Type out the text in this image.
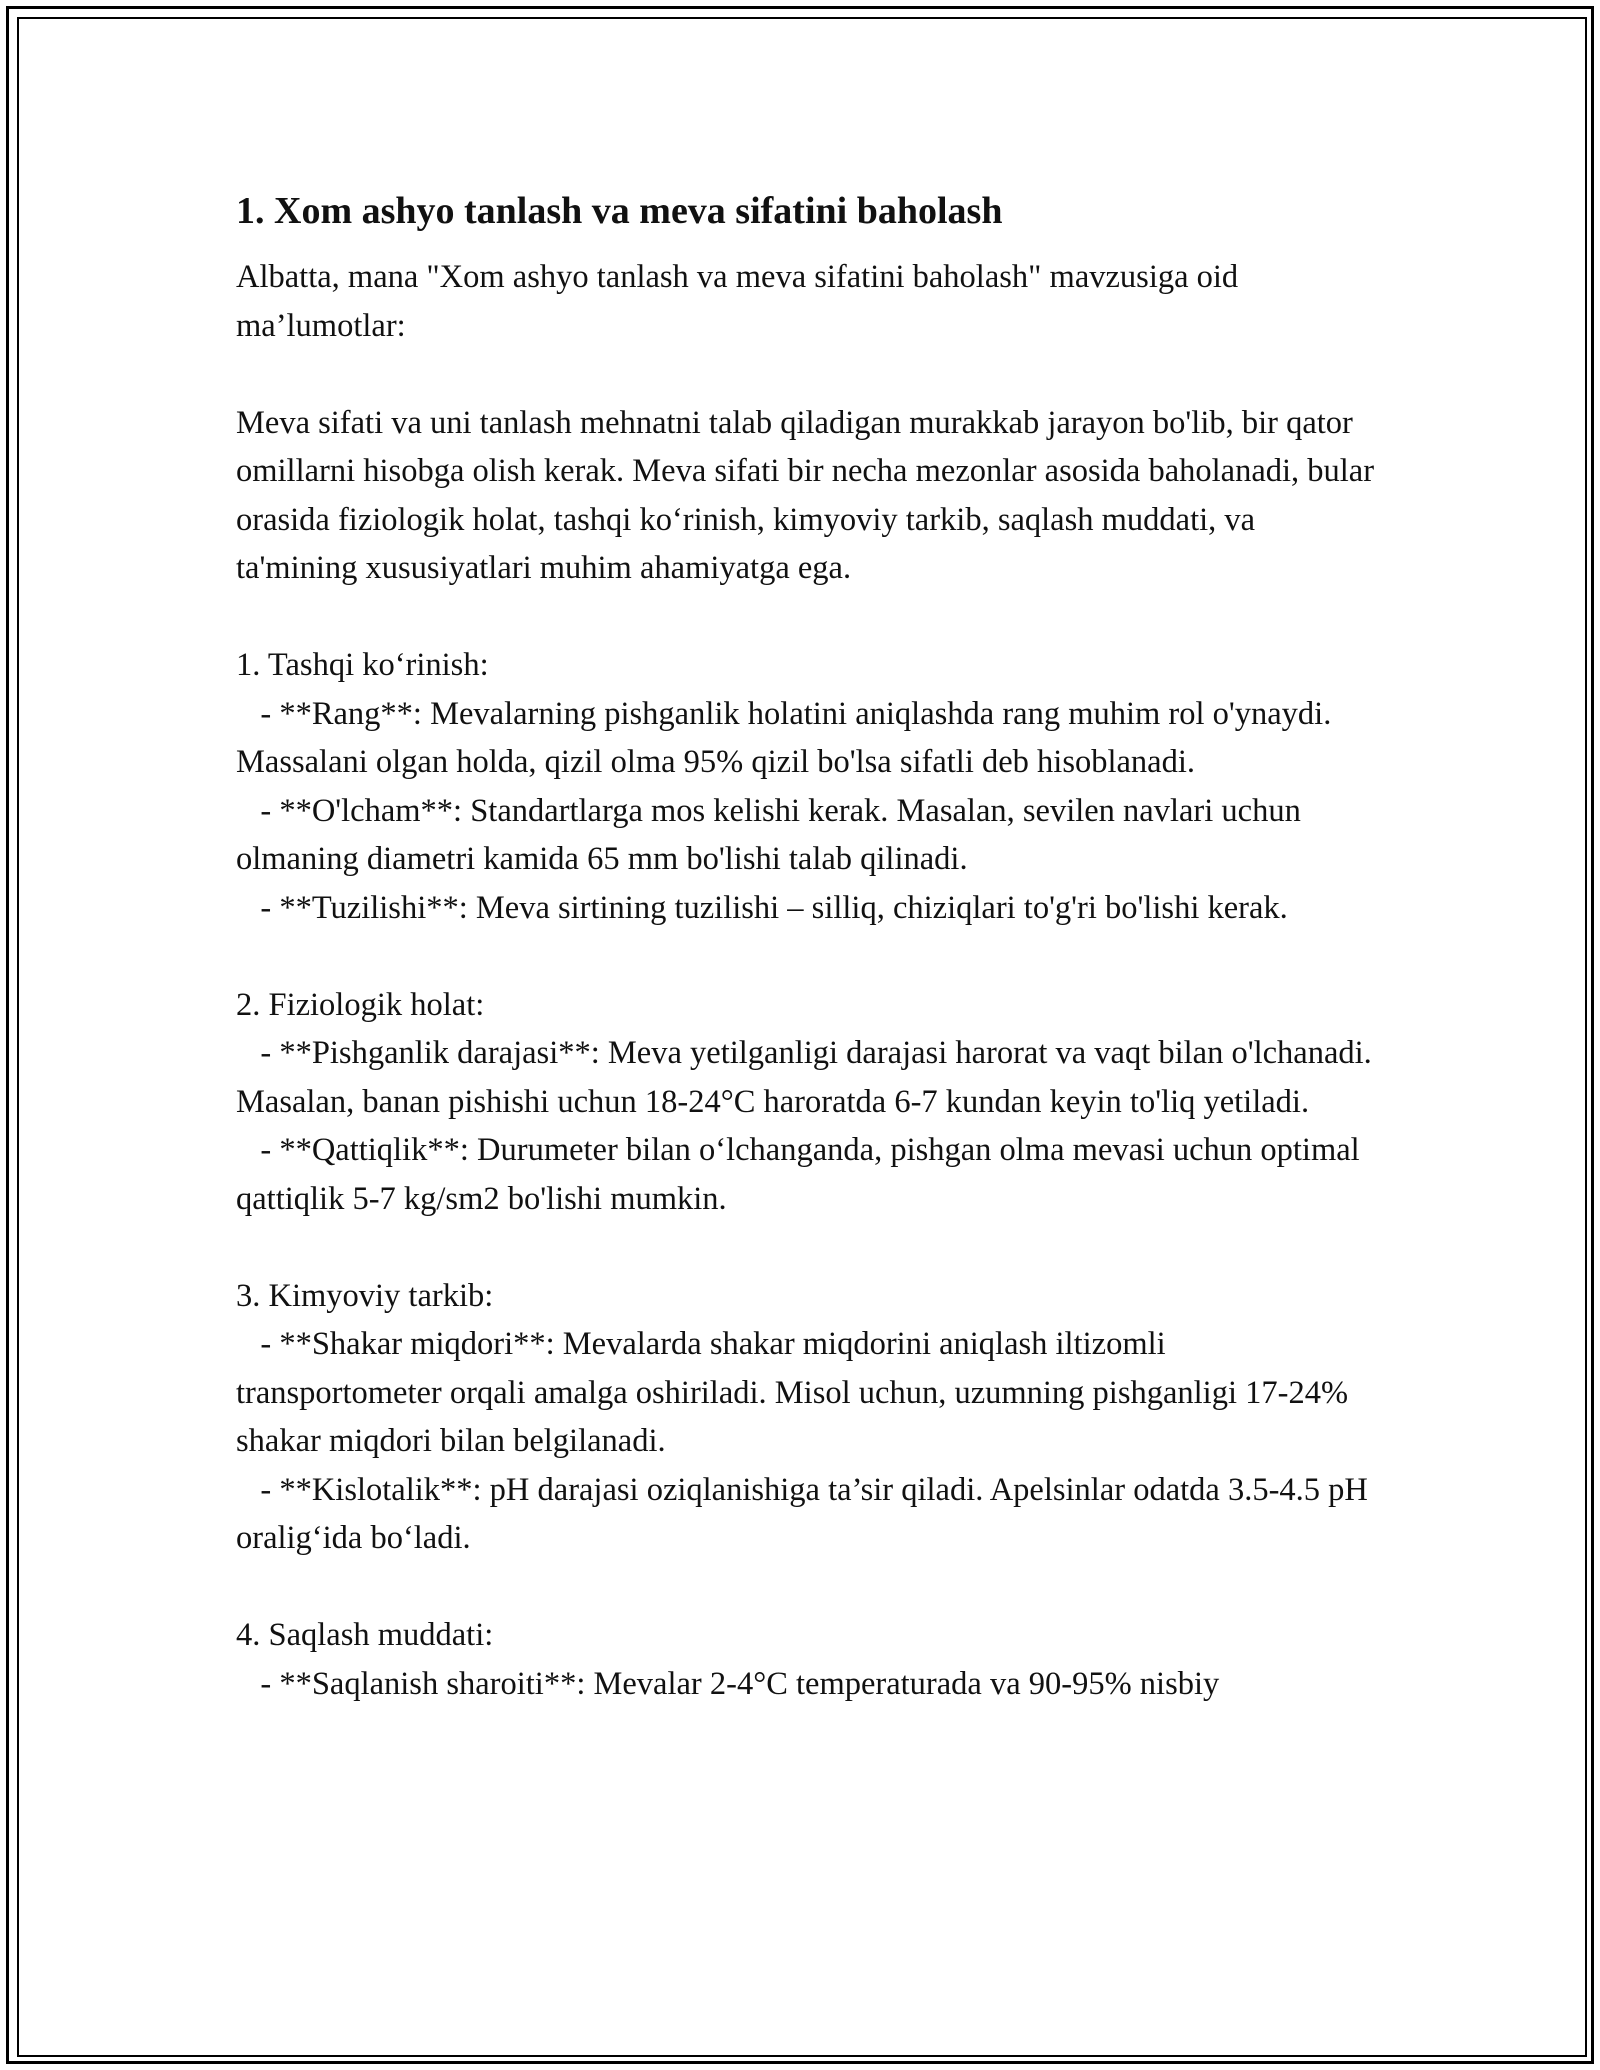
1. Xom ashyo tanlash va meva sifatini baholash

Albatta, mana "Xom ashyo tanlash va meva sifatini baholash" mavzusiga oid ma’lumotlar:

Meva sifati va uni tanlash mehnatni talab qiladigan murakkab jarayon bo'lib, bir qator omillarni hisobga olish kerak. Meva sifati bir necha mezonlar asosida baholanadi, bular orasida fiziologik holat, tashqi ko‘rinish, kimyoviy tarkib, saqlash muddati, va ta'mining xususiyatlari muhim ahamiyatga ega.

1. Tashqi ko‘rinish:

- **Rang**: Mevalarning pishganlik holatini aniqlashda rang muhim rol o'ynaydi. Massalani olgan holda, qizil olma 95% qizil bo'lsa sifatli deb hisoblanadi.

- **O'lcham**: Standartlarga mos kelishi kerak. Masalan, sevilen navlari uchun olmaning diametri kamida 65 mm bo'lishi talab qilinadi.

- **Tuzilishi**: Meva sirtining tuzilishi – silliq, chiziqlari to'g'ri bo'lishi kerak.

2. Fiziologik holat:

- **Pishganlik darajasi**: Meva yetilganligi darajasi harorat va vaqt bilan o'lchanadi. Masalan, banan pishishi uchun 18-24°C haroratda 6-7 kundan keyin to'liq yetiladi.

- **Qattiqlik**: Durumeter bilan o‘lchanganda, pishgan olma mevasi uchun optimal qattiqlik 5-7 kg/sm2 bo'lishi mumkin.

3. Kimyoviy tarkib:

- **Shakar miqdori**: Mevalarda shakar miqdorini aniqlash iltizomli transportometer orqali amalga oshiriladi. Misol uchun, uzumning pishganligi 17-24% shakar miqdori bilan belgilanadi.

- **Kislotalik**: pH darajasi oziqlanishiga ta’sir qiladi. Apelsinlar odatda 3.5-4.5 pH oralig‘ida bo‘ladi.

4. Saqlash muddati:

- **Saqlanish sharoiti**: Mevalar 2-4°C temperaturada va 90-95% nisbiy
